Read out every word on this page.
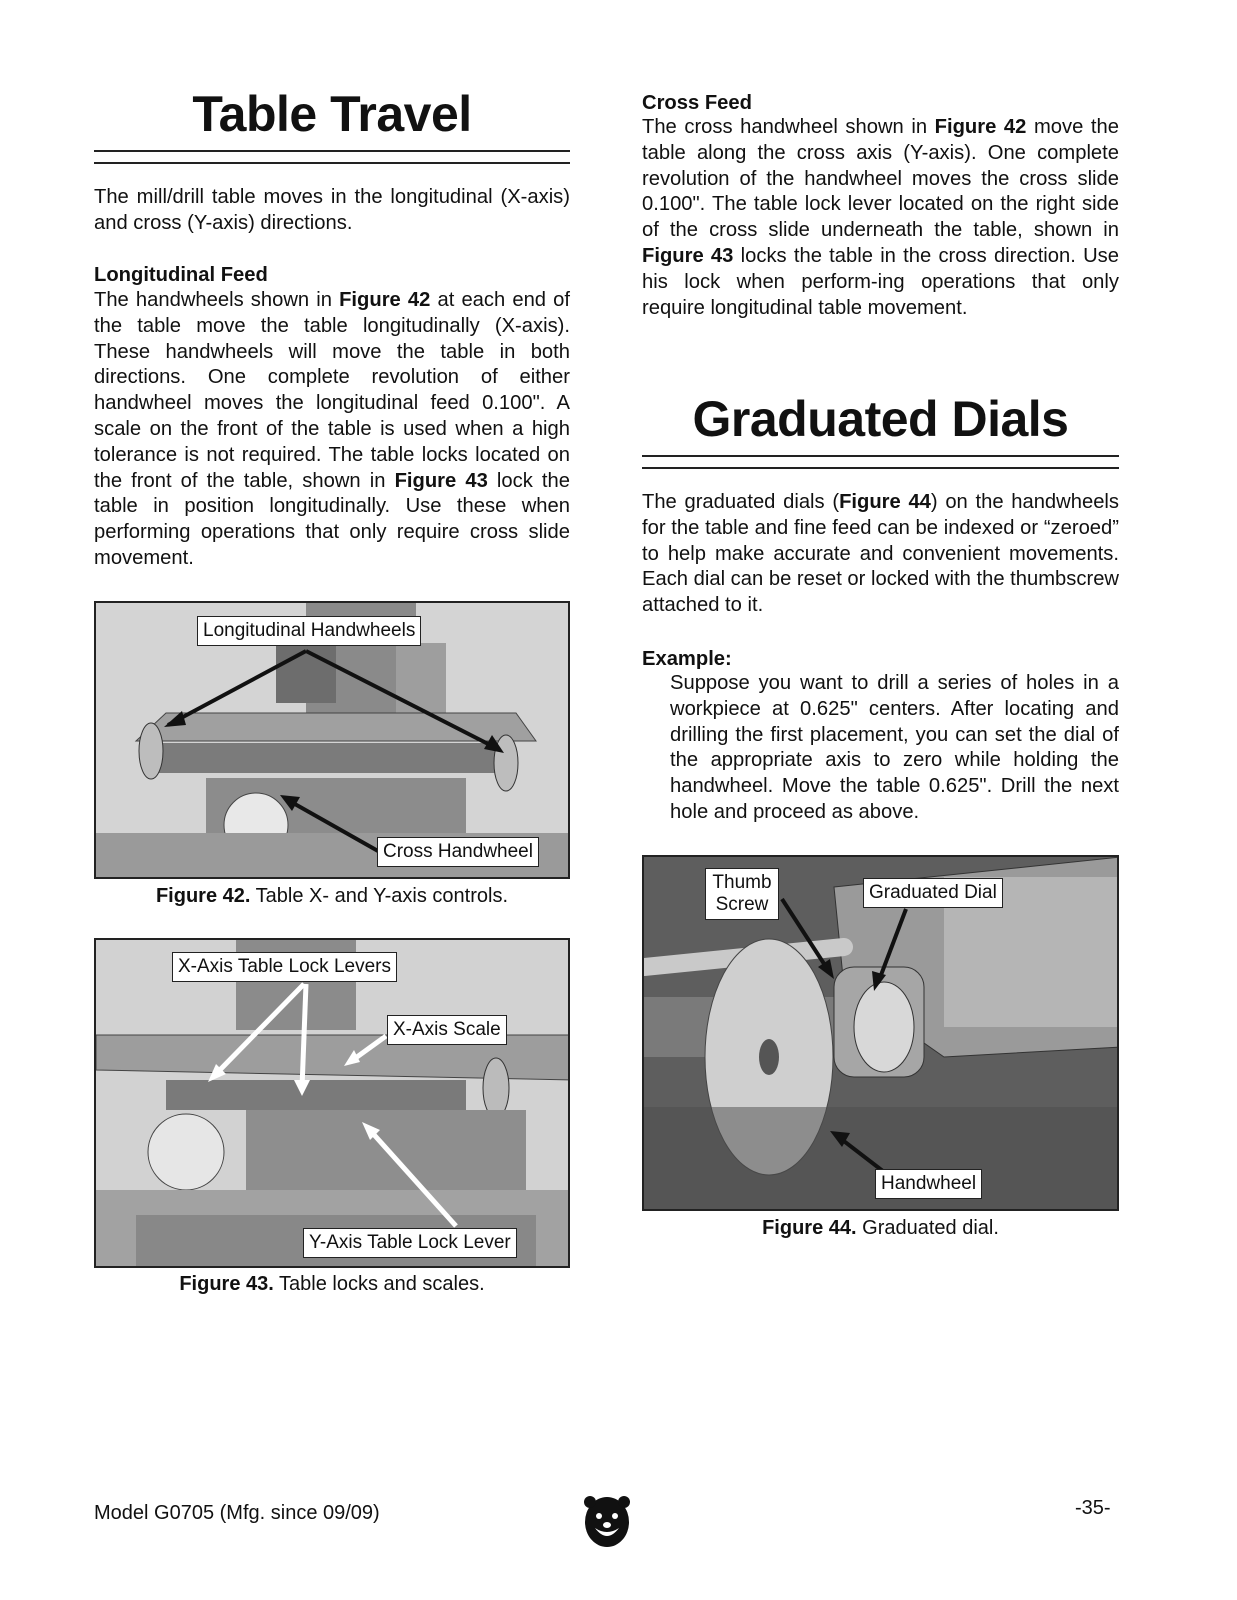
Table Travel

The mill/drill table moves in the longitudinal (X-axis) and cross (Y-axis) directions.

Longitudinal Feed

The handwheels shown in Figure 42 at each end of the table move the table longitudinally (X-axis). These handwheels will move the table in both directions. One complete revolution of either handwheel moves the longitudinal feed 0.100". A scale on the front of the table is used when a high tolerance is not required. The table locks located on the front of the table, shown in Figure 43 lock the table in position longitudinally. Use these when performing operations that only require cross slide movement.

Longitudinal Handwheels
Cross Handwheel

Figure 42. Table X- and Y-axis controls.

X-Axis Table Lock Levers
X-Axis Scale
Y-Axis Table Lock Lever

Figure 43. Table locks and scales.

Cross Feed

The cross handwheel shown in Figure 42 move the table along the cross axis (Y-axis). One complete revolution of the handwheel moves the cross slide 0.100". The table lock lever located on the right side of the cross slide underneath the table, shown in Figure 43 locks the table in the cross direction. Use his lock when perform-ing operations that only require longitudinal table movement.

Graduated Dials

The graduated dials (Figure 44) on the handwheels for the table and fine feed can be indexed or “zeroed” to help make accurate and convenient movements. Each dial can be reset or locked with the thumbscrew attached to it.

Example:

Suppose you want to drill a series of holes in a workpiece at 0.625" centers. After locating and drilling the first placement, you can set the dial of the appropriate axis to zero while holding the handwheel. Move the table 0.625". Drill the next hole and proceed as above.

Thumb Screw
Graduated Dial
Handwheel

Figure 44. Graduated dial.

Model G0705 (Mfg. since 09/09)	-35-
